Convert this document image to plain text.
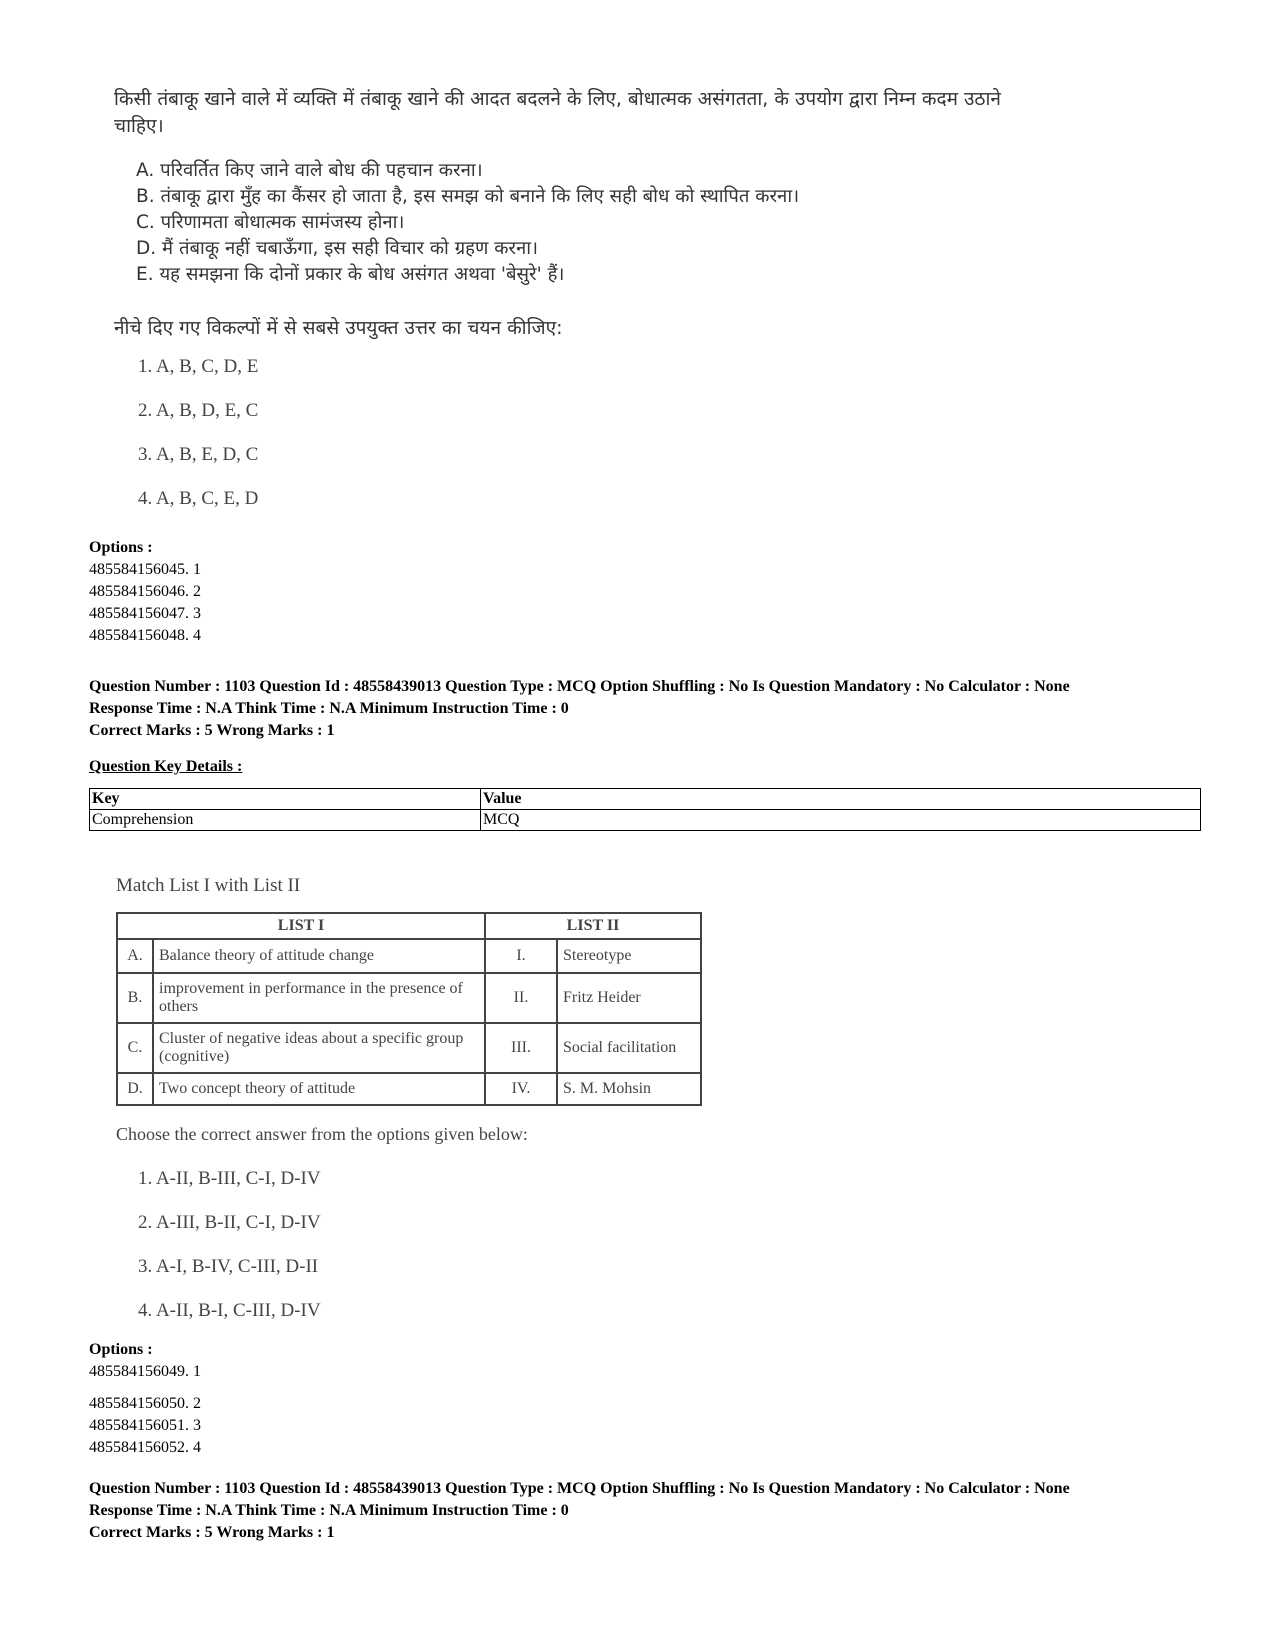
किसी तंबाकू खाने वाले में व्यक्ति में तंबाकू खाने की आदत बदलने के लिए, बोधात्मक असंगतता, के उपयोग द्वारा निम्न कदम उठाने चाहिए।
A. परिवर्तित किए जाने वाले बोध की पहचान करना।
B. तंबाकू द्वारा मुँह का कैंसर हो जाता है, इस समझ को बनाने कि लिए सही बोध को स्थापित करना।
C. परिणामता बोधात्मक सामंजस्य होना।
D. मैं तंबाकू नहीं चबाऊँगा, इस सही विचार को ग्रहण करना।
E. यह समझना कि दोनों प्रकार के बोध असंगत अथवा 'बेसुरे' हैं।
नीचे दिए गए विकल्पों में से सबसे उपयुक्त उत्तर का चयन कीजिए:
1. A, B, C, D, E
2. A, B, D, E, C
3. A, B, E, D, C
4. A, B, C, E, D
Options :
485584156045. 1
485584156046. 2
485584156047. 3
485584156048. 4
Question Number : 1103 Question Id : 48558439013 Question Type : MCQ Option Shuffling : No Is Question Mandatory : No Calculator : None
Response Time : N.A Think Time : N.A Minimum Instruction Time : 0
Correct Marks : 5 Wrong Marks : 1
Question Key Details :
Key	Value
Comprehension	MCQ
Match List I with List II
LIST I		LIST II	
A.	Balance theory of attitude change	I.	Stereotype
B.	improvement in performance in the presence of others	II.	Fritz Heider
C.	Cluster of negative ideas about a specific group (cognitive)	III.	Social facilitation
D.	Two concept theory of attitude	IV.	S. M. Mohsin
Choose the correct answer from the options given below:
1. A-II, B-III, C-I, D-IV
2. A-III, B-II, C-I, D-IV
3. A-I, B-IV, C-III, D-II
4. A-II, B-I, C-III, D-IV
Options :
485584156049. 1
485584156050. 2
485584156051. 3
485584156052. 4
Question Number : 1103 Question Id : 48558439013 Question Type : MCQ Option Shuffling : No Is Question Mandatory : No Calculator : None
Response Time : N.A Think Time : N.A Minimum Instruction Time : 0
Correct Marks : 5 Wrong Marks : 1
